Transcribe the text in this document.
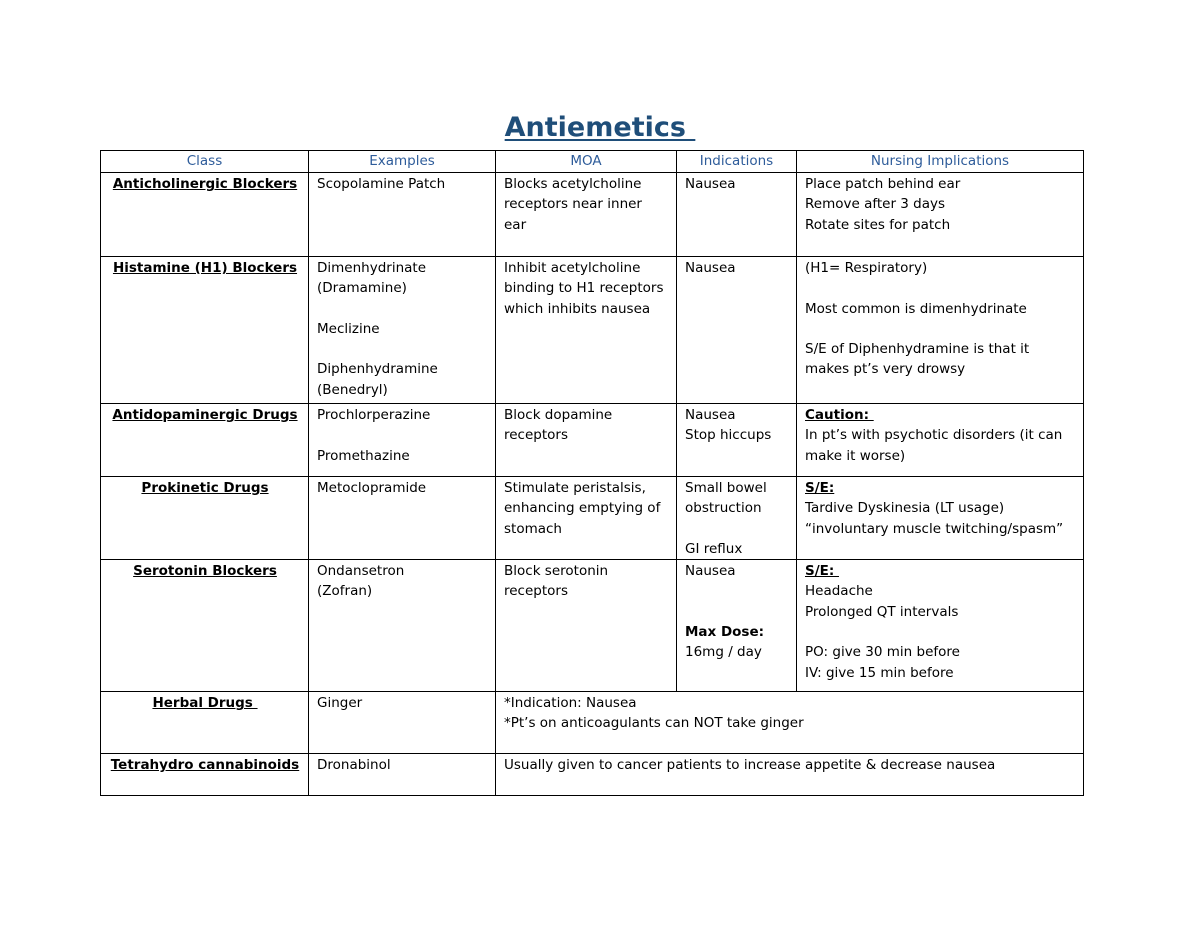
Antiemetics
Class	Examples	MOA	Indications	Nursing Implications
Anticholinergic Blockers	Scopolamine Patch	Blocks acetylcholine
receptors near inner
ear	Nausea	Place patch behind ear
Remove after 3 days
Rotate sites for patch

Histamine (H1) Blockers	Dimenhydrinate
(Dramamine)
Meclizine
Diphenhydramine
(Benedryl)	Inhibit acetylcholine
binding to H1 receptors
which inhibits nausea	Nausea	(H1= Respiratory)
Most common is dimenhydrinate
S/E of Diphenhydramine is that it
makes pt’s very drowsy

Antidopaminergic Drugs	Prochlorperazine
Promethazine	Block dopamine
receptors	Nausea
Stop hiccups	Caution:
In pt’s with psychotic disorders (it can
make it worse)

Prokinetic Drugs	Metoclopramide	Stimulate peristalsis,
enhancing emptying of
stomach	Small bowel
obstruction
GI reflux	S/E:
Tardive Dyskinesia (LT usage)
“involuntary muscle twitching/spasm”

Serotonin Blockers	Ondansetron
(Zofran)	Block serotonin
receptors	Nausea
Max Dose:
16mg / day	S/E:
Headache
Prolonged QT intervals
PO: give 30 min before
IV: give 15 min before

Herbal Drugs	Ginger	*Indication: Nausea
*Pt’s on anticoagulants can NOT take ginger		

Tetrahydro cannabinoids	Dronabinol	Usually given to cancer patients to increase appetite & decrease nausea		
